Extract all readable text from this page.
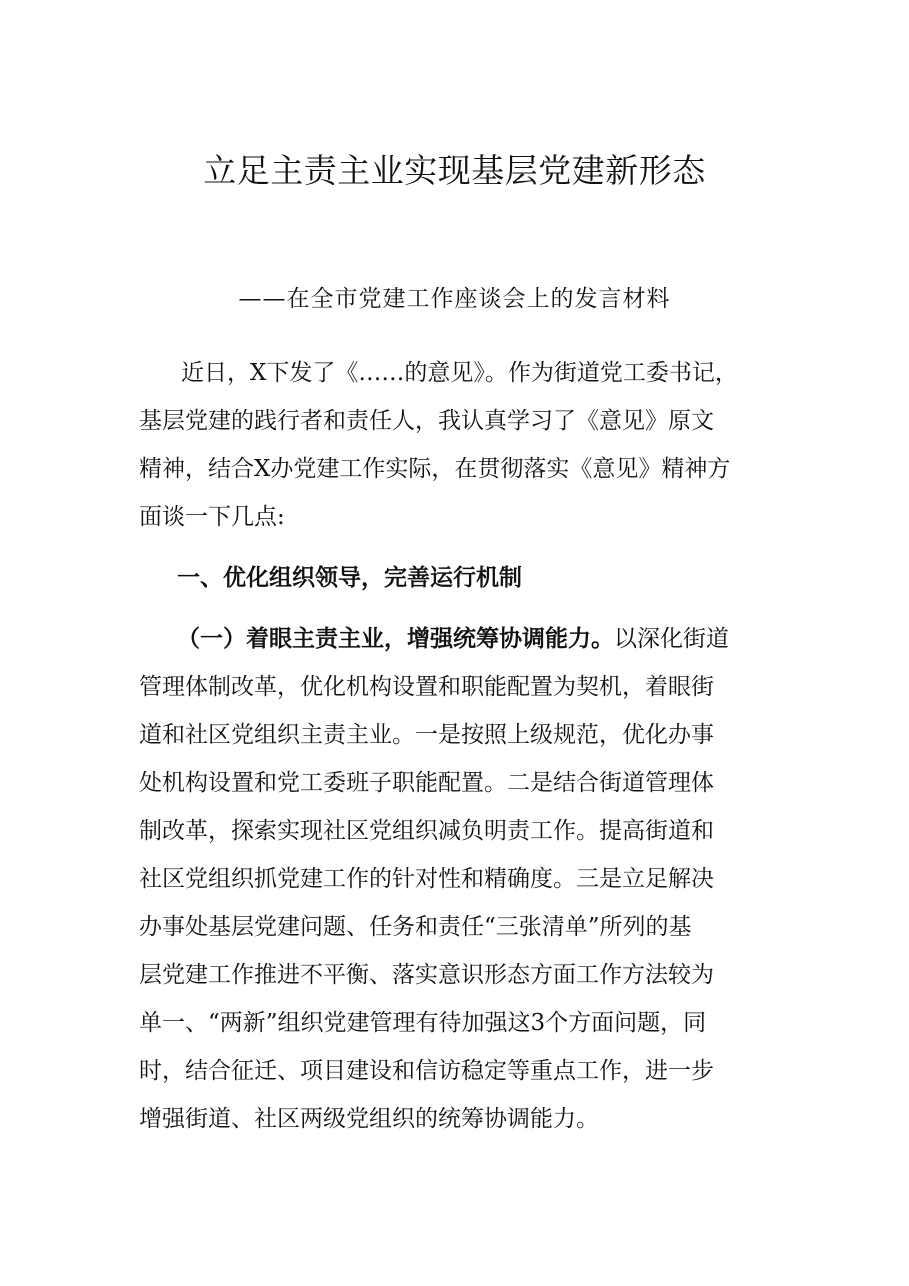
立足主责主业实现基层党建新形态
——在全市党建工作座谈会上的发言材料
近日，X下发了《……的意见》。作为街道党工委书记，
基层党建的践行者和责任人，我认真学习了《意见》原文
精神，结合X办党建工作实际，在贯彻落实《意见》精神方
面谈一下几点:
一、优化组织领导，完善运行机制
（一）着眼主责主业，增强统筹协调能力。以深化街道
管理体制改革，优化机构设置和职能配置为契机，着眼街
道和社区党组织主责主业。一是按照上级规范，优化办事
处机构设置和党工委班子职能配置。二是结合街道管理体
制改革，探索实现社区党组织减负明责工作。提高街道和
社区党组织抓党建工作的针对性和精确度。三是立足解决
办事处基层党建问题、任务和责任“三张清单”所列的基
层党建工作推进不平衡、落实意识形态方面工作方法较为
单一、“两新”组织党建管理有待加强这3个方面问题，同
时，结合征迁、项目建设和信访稳定等重点工作，进一步
增强街道、社区两级党组织的统筹协调能力。
